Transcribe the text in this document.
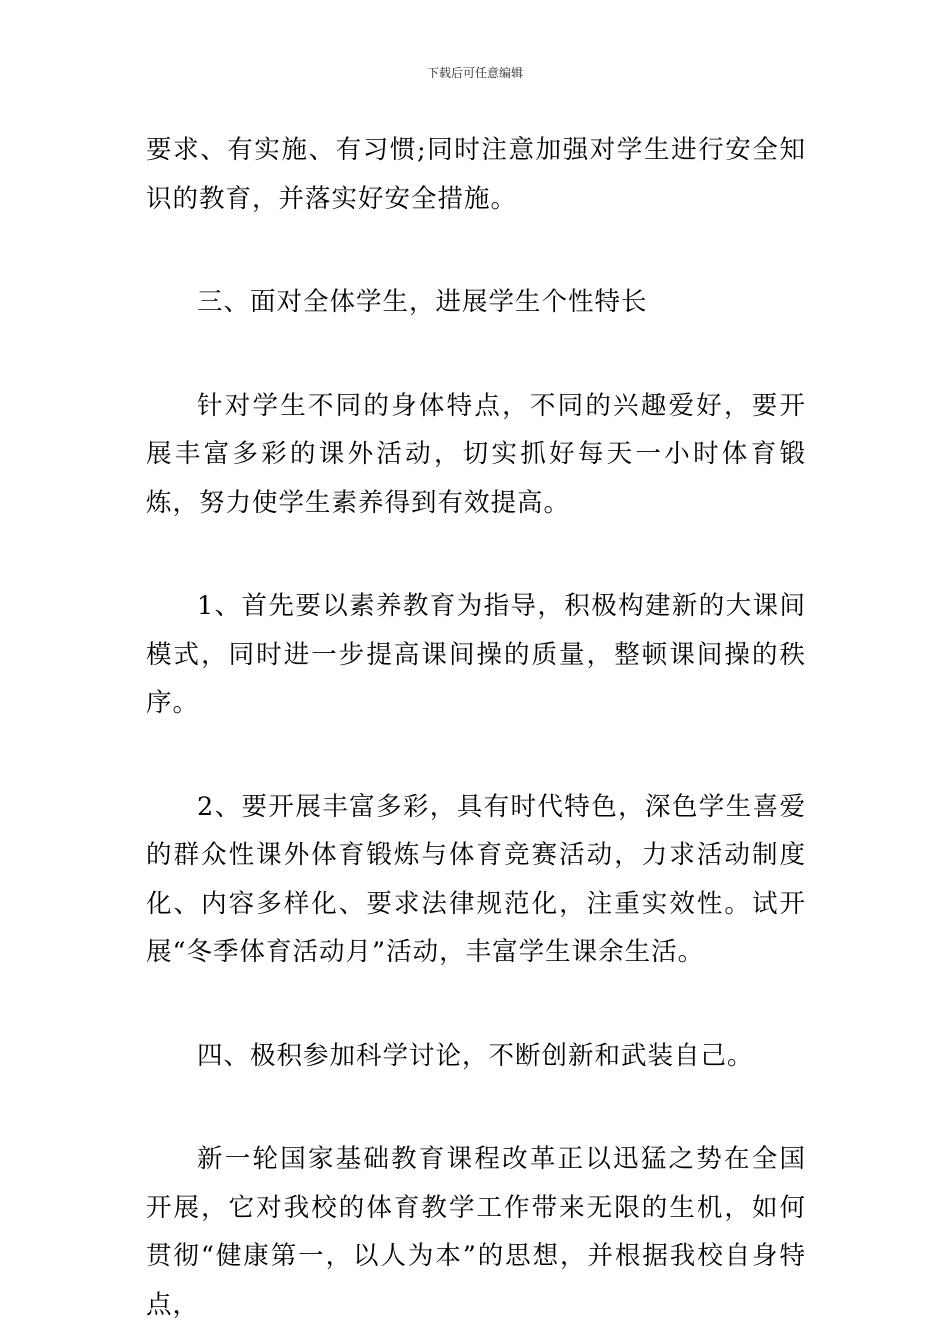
下载后可任意编辑

要求、有实施、有习惯;同时注意加强对学生进行安全知识的教育，并落实好安全措施。

三、面对全体学生，进展学生个性特长

针对学生不同的身体特点，不同的兴趣爱好，要开展丰富多彩的课外活动，切实抓好每天一小时体育锻炼，努力使学生素养得到有效提高。

1、首先要以素养教育为指导，积极构建新的大课间模式，同时进一步提高课间操的质量，整顿课间操的秩序。

2、要开展丰富多彩，具有时代特色，深色学生喜爱的群众性课外体育锻炼与体育竞赛活动，力求活动制度化、内容多样化、要求法律规范化，注重实效性。试开展“冬季体育活动月”活动，丰富学生课余生活。

四、极积参加科学讨论，不断创新和武装自己。

新一轮国家基础教育课程改革正以迅猛之势在全国开展，它对我校的体育教学工作带来无限的生机，如何贯彻“健康第一，以人为本”的思想，并根据我校自身特点，
